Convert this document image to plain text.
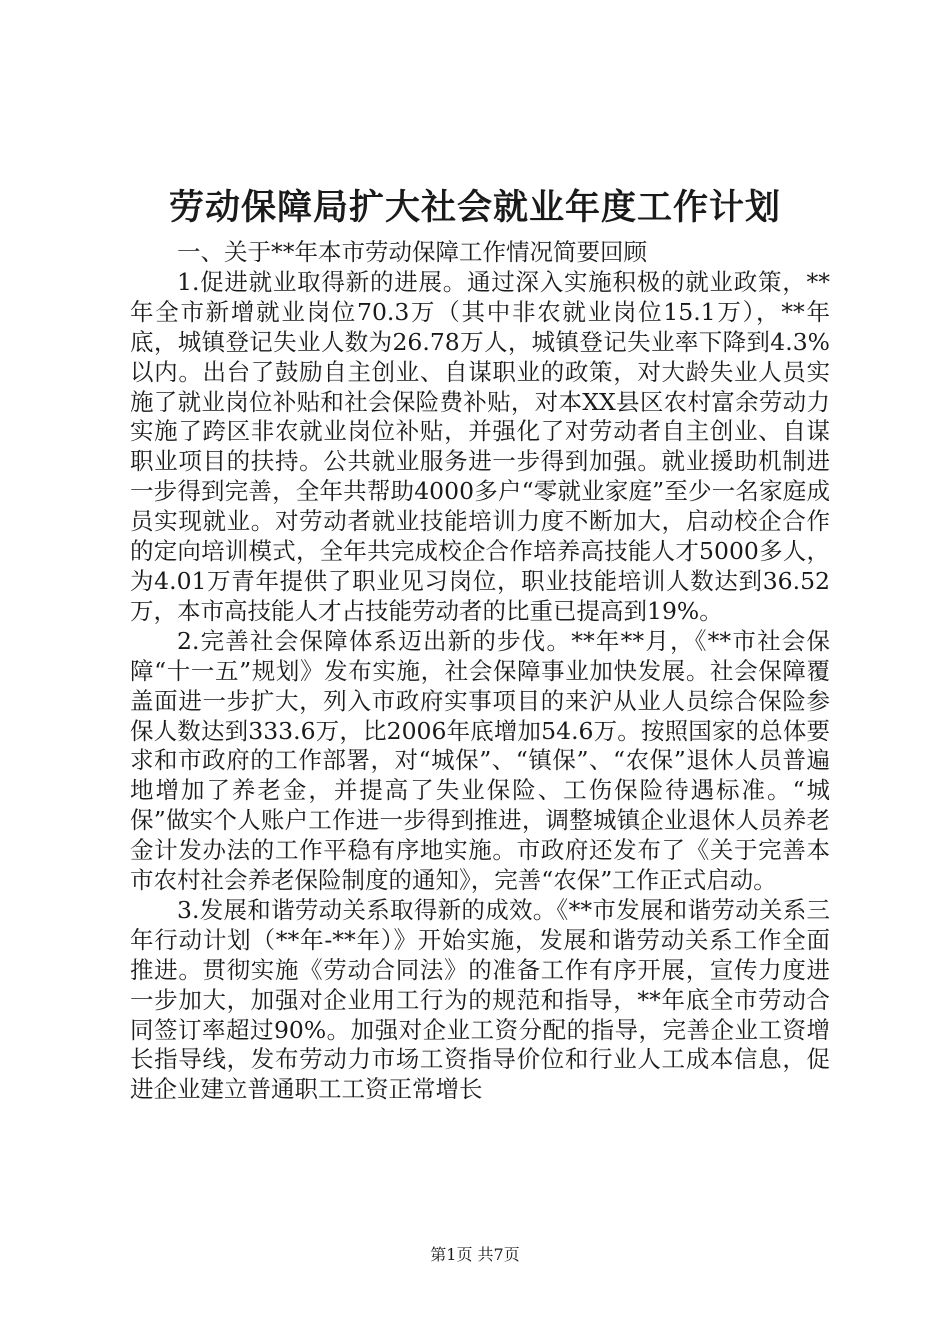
劳动保障局扩大社会就业年度工作计划

一、关于**年本市劳动保障工作情况简要回顾

1.促进就业取得新的进展。通过深入实施积极的就业政策，**年全市新增就业岗位70.3万（其中非农就业岗位15.1万），**年底，城镇登记失业人数为26.78万人，城镇登记失业率下降到4.3%以内。出台了鼓励自主创业、自谋职业的政策，对大龄失业人员实施了就业岗位补贴和社会保险费补贴，对本XX县区农村富余劳动力实施了跨区非农就业岗位补贴，并强化了对劳动者自主创业、自谋职业项目的扶持。公共就业服务进一步得到加强。就业援助机制进一步得到完善，全年共帮助4000多户“零就业家庭”至少一名家庭成员实现就业。对劳动者就业技能培训力度不断加大，启动校企合作的定向培训模式，全年共完成校企合作培养高技能人才5000多人，为4.01万青年提供了职业见习岗位，职业技能培训人数达到36.52万，本市高技能人才占技能劳动者的比重已提高到19%。

2.完善社会保障体系迈出新的步伐。**年**月，《**市社会保障“十一五”规划》发布实施，社会保障事业加快发展。社会保障覆盖面进一步扩大，列入市政府实事项目的来沪从业人员综合保险参保人数达到333.6万，比2006年底增加54.6万。按照国家的总体要求和市政府的工作部署，对“城保”、“镇保”、“农保”退休人员普遍地增加了养老金，并提高了失业保险、工伤保险待遇标准。“城保”做实个人账户工作进一步得到推进，调整城镇企业退休人员养老金计发办法的工作平稳有序地实施。市政府还发布了《关于完善本市农村社会养老保险制度的通知》，完善“农保”工作正式启动。

3.发展和谐劳动关系取得新的成效。《**市发展和谐劳动关系三年行动计划（**年-**年）》开始实施，发展和谐劳动关系工作全面推进。贯彻实施《劳动合同法》的准备工作有序开展，宣传力度进一步加大，加强对企业用工行为的规范和指导，**年底全市劳动合同签订率超过90%。加强对企业工资分配的指导，完善企业工资增长指导线，发布劳动力市场工资指导价位和行业人工成本信息，促进企业建立普通职工工资正常增长

第1页 共7页
